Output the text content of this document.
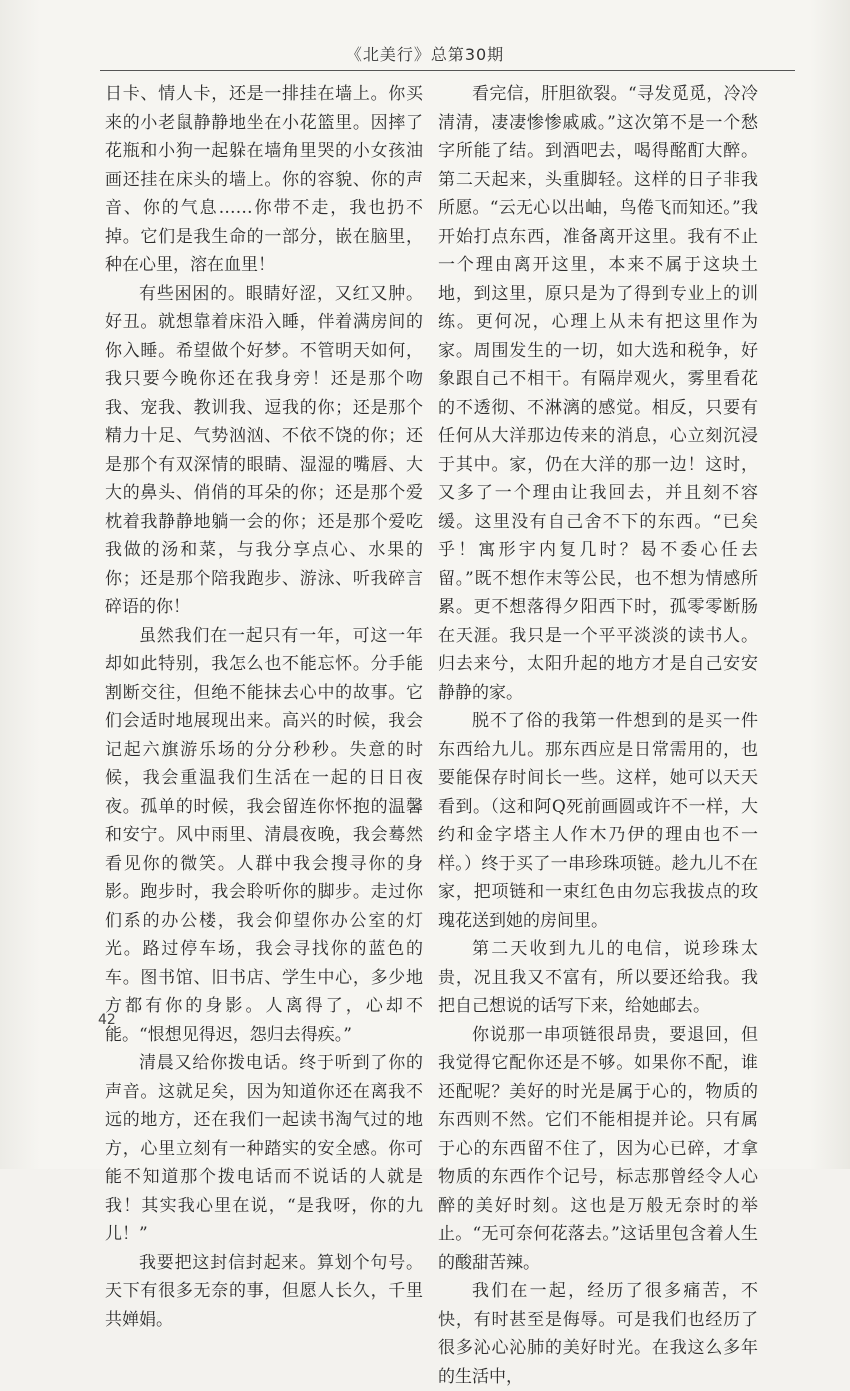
《北美行》总第30期

日卡、情人卡，还是一排挂在墙上。你买来的小老鼠静静地坐在小花篮里。因摔了花瓶和小狗一起躲在墙角里哭的小女孩油画还挂在床头的墙上。你的容貌、你的声音、你的气息……你带不走，我也扔不掉。它们是我生命的一部分，嵌在脑里，种在心里，溶在血里！

有些困困的。眼睛好涩，又红又肿。好丑。就想靠着床沿入睡，伴着满房间的你入睡。希望做个好梦。不管明天如何，我只要今晚你还在我身旁！还是那个吻我、宠我、教训我、逗我的你；还是那个精力十足、气势汹汹、不依不饶的你；还是那个有双深情的眼睛、湿湿的嘴唇、大大的鼻头、俏俏的耳朵的你；还是那个爱枕着我静静地躺一会的你；还是那个爱吃我做的汤和菜，与我分享点心、水果的你；还是那个陪我跑步、游泳、听我碎言碎语的你！

虽然我们在一起只有一年，可这一年却如此特别，我怎么也不能忘怀。分手能割断交往，但绝不能抹去心中的故事。它们会适时地展现出来。高兴的时候，我会记起六旗游乐场的分分秒秒。失意的时候，我会重温我们生活在一起的日日夜夜。孤单的时候，我会留连你怀抱的温馨和安宁。风中雨里、清晨夜晚，我会蓦然看见你的微笑。人群中我会搜寻你的身影。跑步时，我会聆听你的脚步。走过你们系的办公楼，我会仰望你办公室的灯光。路过停车场，我会寻找你的蓝色的车。图书馆、旧书店、学生中心，多少地方都有你的身影。人离得了，心却不能。“恨想见得迟，怨归去得疾。”

清晨又给你拨电话。终于听到了你的声音。这就足矣，因为知道你还在离我不远的地方，还在我们一起读书淘气过的地方，心里立刻有一种踏实的安全感。你可能不知道那个拨电话而不说话的人就是我！其实我心里在说，“是我呀，你的九儿！”

我要把这封信封起来。算划个句号。天下有很多无奈的事，但愿人长久，千里共婵娟。

看完信，肝胆欲裂。“寻发觅觅，冷冷清清，凄凄惨惨戚戚。”这次第不是一个愁字所能了结。到酒吧去，喝得酩酊大醉。第二天起来，头重脚轻。这样的日子非我所愿。“云无心以出岫，鸟倦飞而知还。”我开始打点东西，准备离开这里。我有不止一个理由离开这里，本来不属于这块土地，到这里，原只是为了得到专业上的训练。更何况，心理上从未有把这里作为家。周围发生的一切，如大选和税争，好象跟自己不相干。有隔岸观火，雾里看花的不透彻、不淋漓的感觉。相反，只要有任何从大洋那边传来的消息，心立刻沉浸于其中。家，仍在大洋的那一边！这时，又多了一个理由让我回去，并且刻不容缓。这里没有自己舍不下的东西。“已矣乎！寓形宇内复几时？曷不委心任去留。”既不想作末等公民，也不想为情感所累。更不想落得夕阳西下时，孤零零断肠在天涯。我只是一个平平淡淡的读书人。归去来兮，太阳升起的地方才是自己安安静静的家。

脱不了俗的我第一件想到的是买一件东西给九儿。那东西应是日常需用的，也要能保存时间长一些。这样，她可以天天看到。（这和阿Q死前画圆或许不一样，大约和金字塔主人作木乃伊的理由也不一样。）终于买了一串珍珠项链。趁九儿不在家，把项链和一束红色由勿忘我拔点的玫瑰花送到她的房间里。

第二天收到九儿的电信，说珍珠太贵，况且我又不富有，所以要还给我。我把自己想说的话写下来，给她邮去。

你说那一串项链很昂贵，要退回，但我觉得它配你还是不够。如果你不配，谁还配呢？美好的时光是属于心的，物质的东西则不然。它们不能相提并论。只有属于心的东西留不住了，因为心已碎，才拿物质的东西作个记号，标志那曾经令人心醉的美好时刻。这也是万般无奈时的举止。“无可奈何花落去。”这话里包含着人生的酸甜苦辣。

我们在一起，经历了很多痛苦，不快，有时甚至是侮辱。可是我们也经历了很多沁心沁肺的美好时光。在我这么多年的生活中，

42
